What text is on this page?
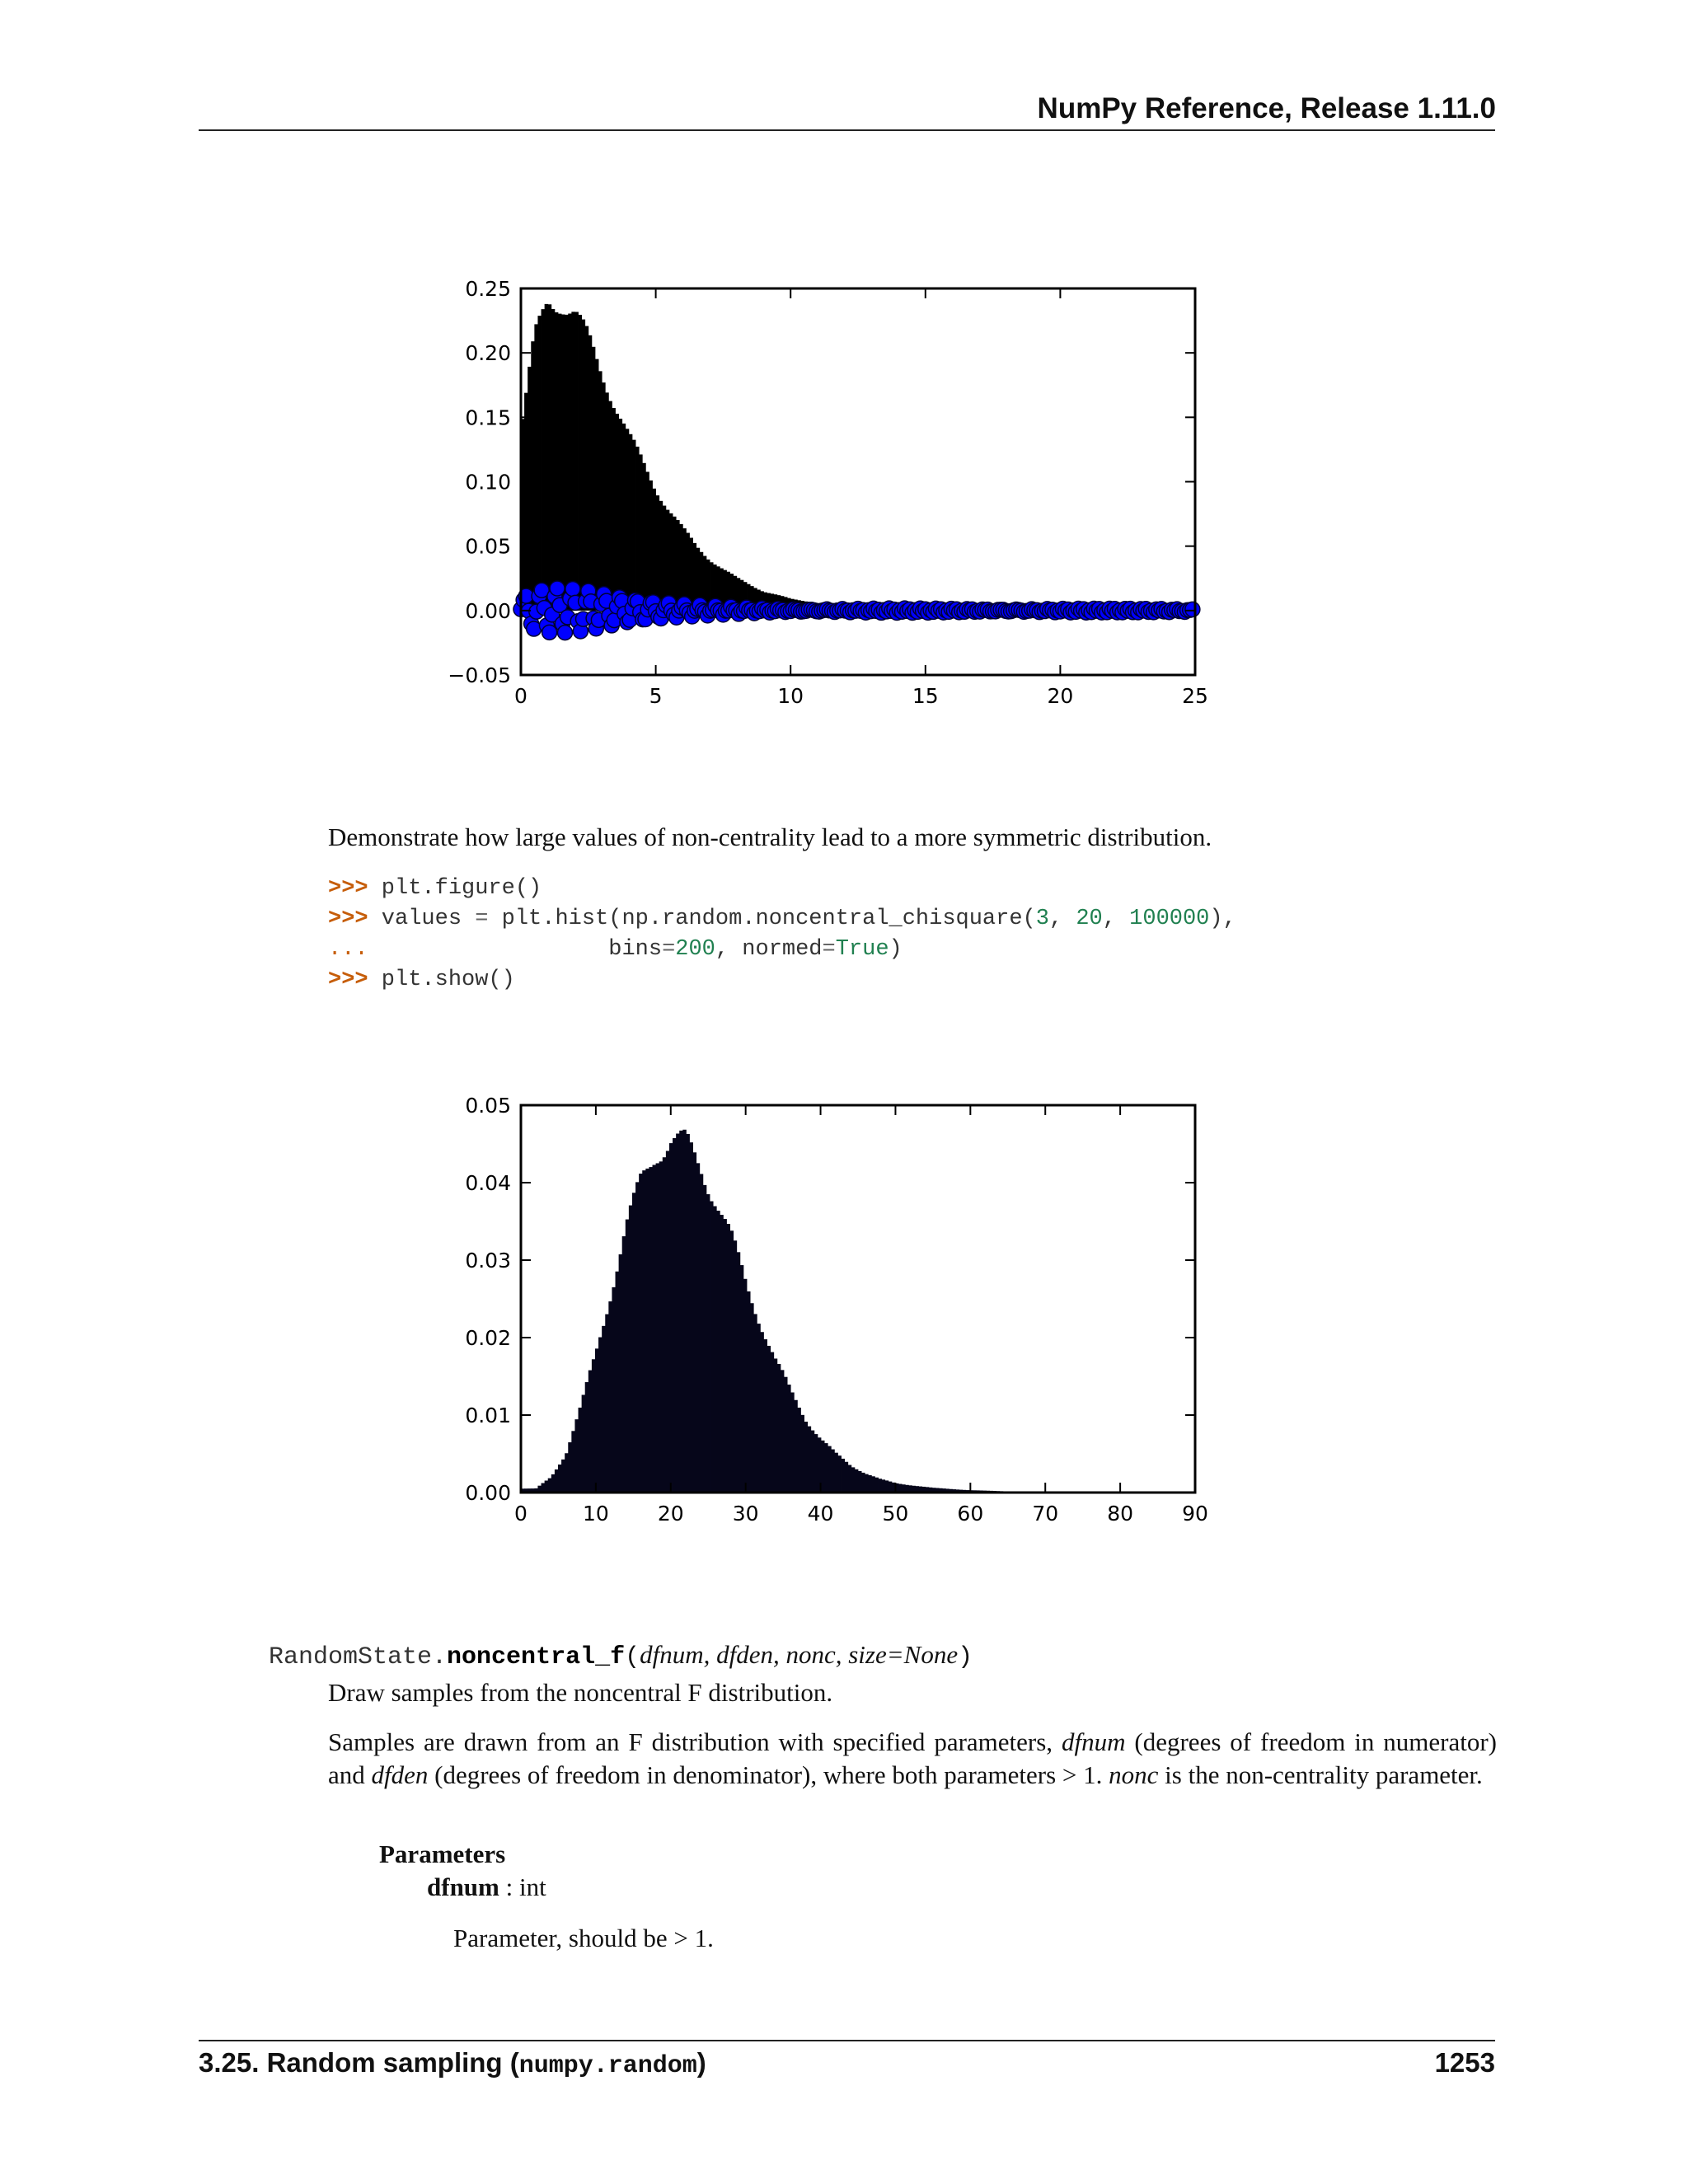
NumPy Reference, Release 1.11.0
0	5	10	15	20	25
0.25
0.20
0.15
0.10
0.05
0.00
−0.05
Demonstrate how large values of non-centrality lead to a more symmetric distribution.
>>> plt.figure()
>>> values = plt.hist(np.random.noncentral_chisquare(3, 20, 100000),
...                  bins=200, normed=True)
>>> plt.show()
0	10 20 30 40 50 60 70 80 90
0.05
0.04
0.03
0.02
0.01
0.00
RandomState.noncentral_f(dfnum, dfden, nonc, size=None)
Draw samples from the noncentral F distribution.
Samples are drawn from an F distribution with specified parameters, dfnum (degrees of freedom in numerator) and dfden (degrees of freedom in denominator), where both parameters > 1. nonc is the non-centrality parameter.
Parameters
dfnum : int
Parameter, should be > 1.
3.25. Random sampling (numpy.random)	1253
